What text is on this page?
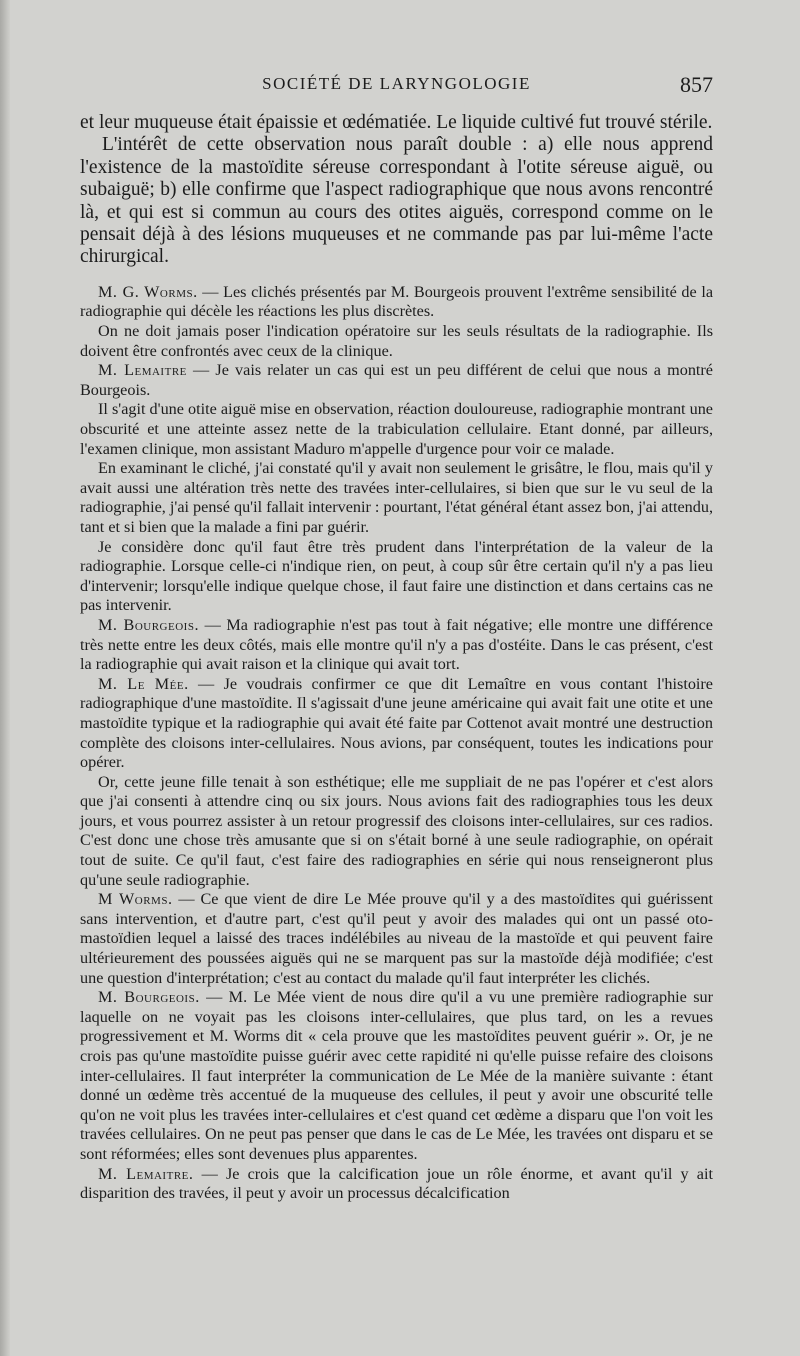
SOCIÉTÉ DE LARYNGOLOGIE	857

et leur muqueuse était épaissie et œdématiée. Le liquide cultivé fut trouvé stérile.

L'intérêt de cette observation nous paraît double : a) elle nous apprend l'existence de la mastoïdite séreuse correspondant à l'otite séreuse aiguë, ou subaiguë; b) elle confirme que l'aspect radiographique que nous avons rencontré là, et qui est si commun au cours des otites aiguës, correspond comme on le pensait déjà à des lésions muqueuses et ne commande pas par lui-même l'acte chirurgical.

M. G. Worms. — Les clichés présentés par M. Bourgeois prouvent l'extrême sensibilité de la radiographie qui décèle les réactions les plus discrètes.

On ne doit jamais poser l'indication opératoire sur les seuls résultats de la radiographie. Ils doivent être confrontés avec ceux de la clinique.

M. Lemaitre — Je vais relater un cas qui est un peu différent de celui que nous a montré Bourgeois.

Il s'agit d'une otite aiguë mise en observation, réaction douloureuse, radiographie montrant une obscurité et une atteinte assez nette de la trabiculation cellulaire. Etant donné, par ailleurs, l'examen clinique, mon assistant Maduro m'appelle d'urgence pour voir ce malade.

En examinant le cliché, j'ai constaté qu'il y avait non seulement le grisâtre, le flou, mais qu'il y avait aussi une altération très nette des travées inter-cellulaires, si bien que sur le vu seul de la radiographie, j'ai pensé qu'il fallait intervenir : pourtant, l'état général étant assez bon, j'ai attendu, tant et si bien que la malade a fini par guérir.

Je considère donc qu'il faut être très prudent dans l'interprétation de la valeur de la radiographie. Lorsque celle-ci n'indique rien, on peut, à coup sûr être certain qu'il n'y a pas lieu d'intervenir; lorsqu'elle indique quelque chose, il faut faire une distinction et dans certains cas ne pas intervenir.

M. Bourgeois. — Ma radiographie n'est pas tout à fait négative; elle montre une différence très nette entre les deux côtés, mais elle montre qu'il n'y a pas d'ostéite. Dans le cas présent, c'est la radiographie qui avait raison et la clinique qui avait tort.

M. Le Mée. — Je voudrais confirmer ce que dit Lemaître en vous contant l'histoire radiographique d'une mastoïdite. Il s'agissait d'une jeune américaine qui avait fait une otite et une mastoïdite typique et la radiographie qui avait été faite par Cottenot avait montré une destruction complète des cloisons inter-cellulaires. Nous avions, par conséquent, toutes les indications pour opérer.

Or, cette jeune fille tenait à son esthétique; elle me suppliait de ne pas l'opérer et c'est alors que j'ai consenti à attendre cinq ou six jours. Nous avions fait des radiographies tous les deux jours, et vous pourrez assister à un retour progressif des cloisons inter-cellulaires, sur ces radios. C'est donc une chose très amusante que si on s'était borné à une seule radiographie, on opérait tout de suite. Ce qu'il faut, c'est faire des radiographies en série qui nous renseigneront plus qu'une seule radiographie.

M Worms. — Ce que vient de dire Le Mée prouve qu'il y a des mastoïdites qui guérissent sans intervention, et d'autre part, c'est qu'il peut y avoir des malades qui ont un passé oto-mastoïdien lequel a laissé des traces indélébiles au niveau de la mastoïde et qui peuvent faire ultérieurement des poussées aiguës qui ne se marquent pas sur la mastoïde déjà modifiée; c'est une question d'interprétation; c'est au contact du malade qu'il faut interpréter les clichés.

M. Bourgeois. — M. Le Mée vient de nous dire qu'il a vu une première radiographie sur laquelle on ne voyait pas les cloisons inter-cellulaires, que plus tard, on les a revues progressivement et M. Worms dit « cela prouve que les mastoïdites peuvent guérir ». Or, je ne crois pas qu'une mastoïdite puisse guérir avec cette rapidité ni qu'elle puisse refaire des cloisons inter-cellulaires. Il faut interpréter la communication de Le Mée de la manière suivante : étant donné un œdème très accentué de la muqueuse des cellules, il peut y avoir une obscurité telle qu'on ne voit plus les travées inter-cellulaires et c'est quand cet œdème a disparu que l'on voit les travées cellulaires. On ne peut pas penser que dans le cas de Le Mée, les travées ont disparu et se sont réformées; elles sont devenues plus apparentes.

M. Lemaitre. — Je crois que la calcification joue un rôle énorme, et avant qu'il y ait disparition des travées, il peut y avoir un processus décalcification
